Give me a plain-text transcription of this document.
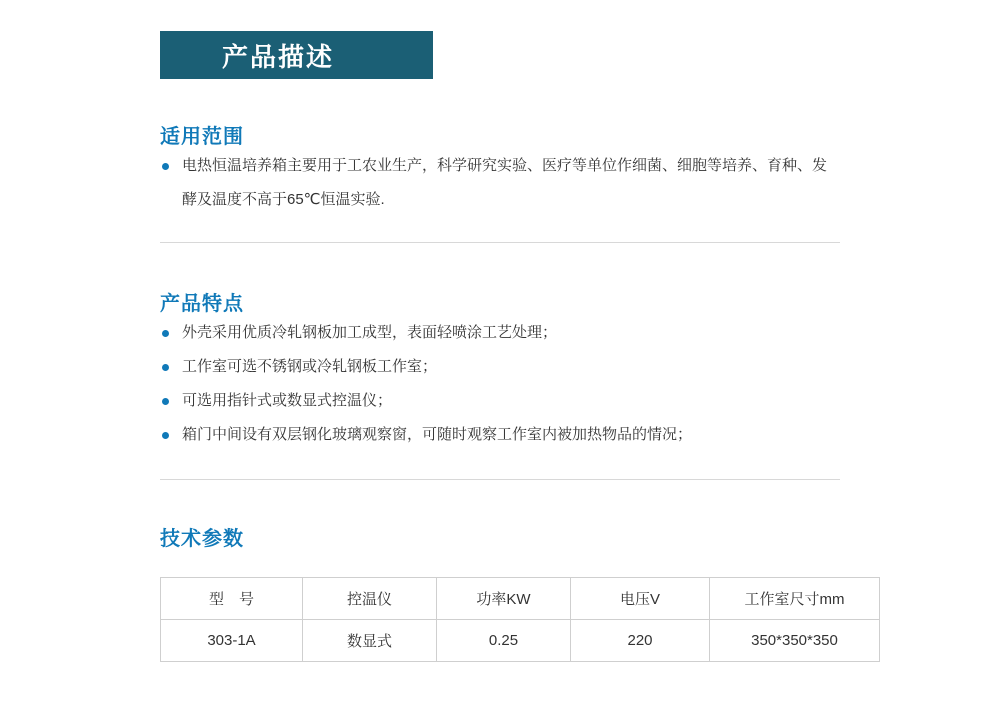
产品描述
适用范围
电热恒温培养箱主要用于工农业生产，科学研究实验、医疗等单位作细菌、细胞等培养、育种、发酵及温度不高于65℃恒温实验.
产品特点
外壳采用优质冷轧钢板加工成型，表面轻喷涂工艺处理；
工作室可选不锈钢或冷轧钢板工作室；
可选用指针式或数显式控温仪；
箱门中间设有双层钢化玻璃观察窗，可随时观察工作室内被加热物品的情况；
技术参数
型　号	控温仪	功率KW	电压V	工作室尺寸mm
303-1A	数显式	0.25	220	350*350*350
